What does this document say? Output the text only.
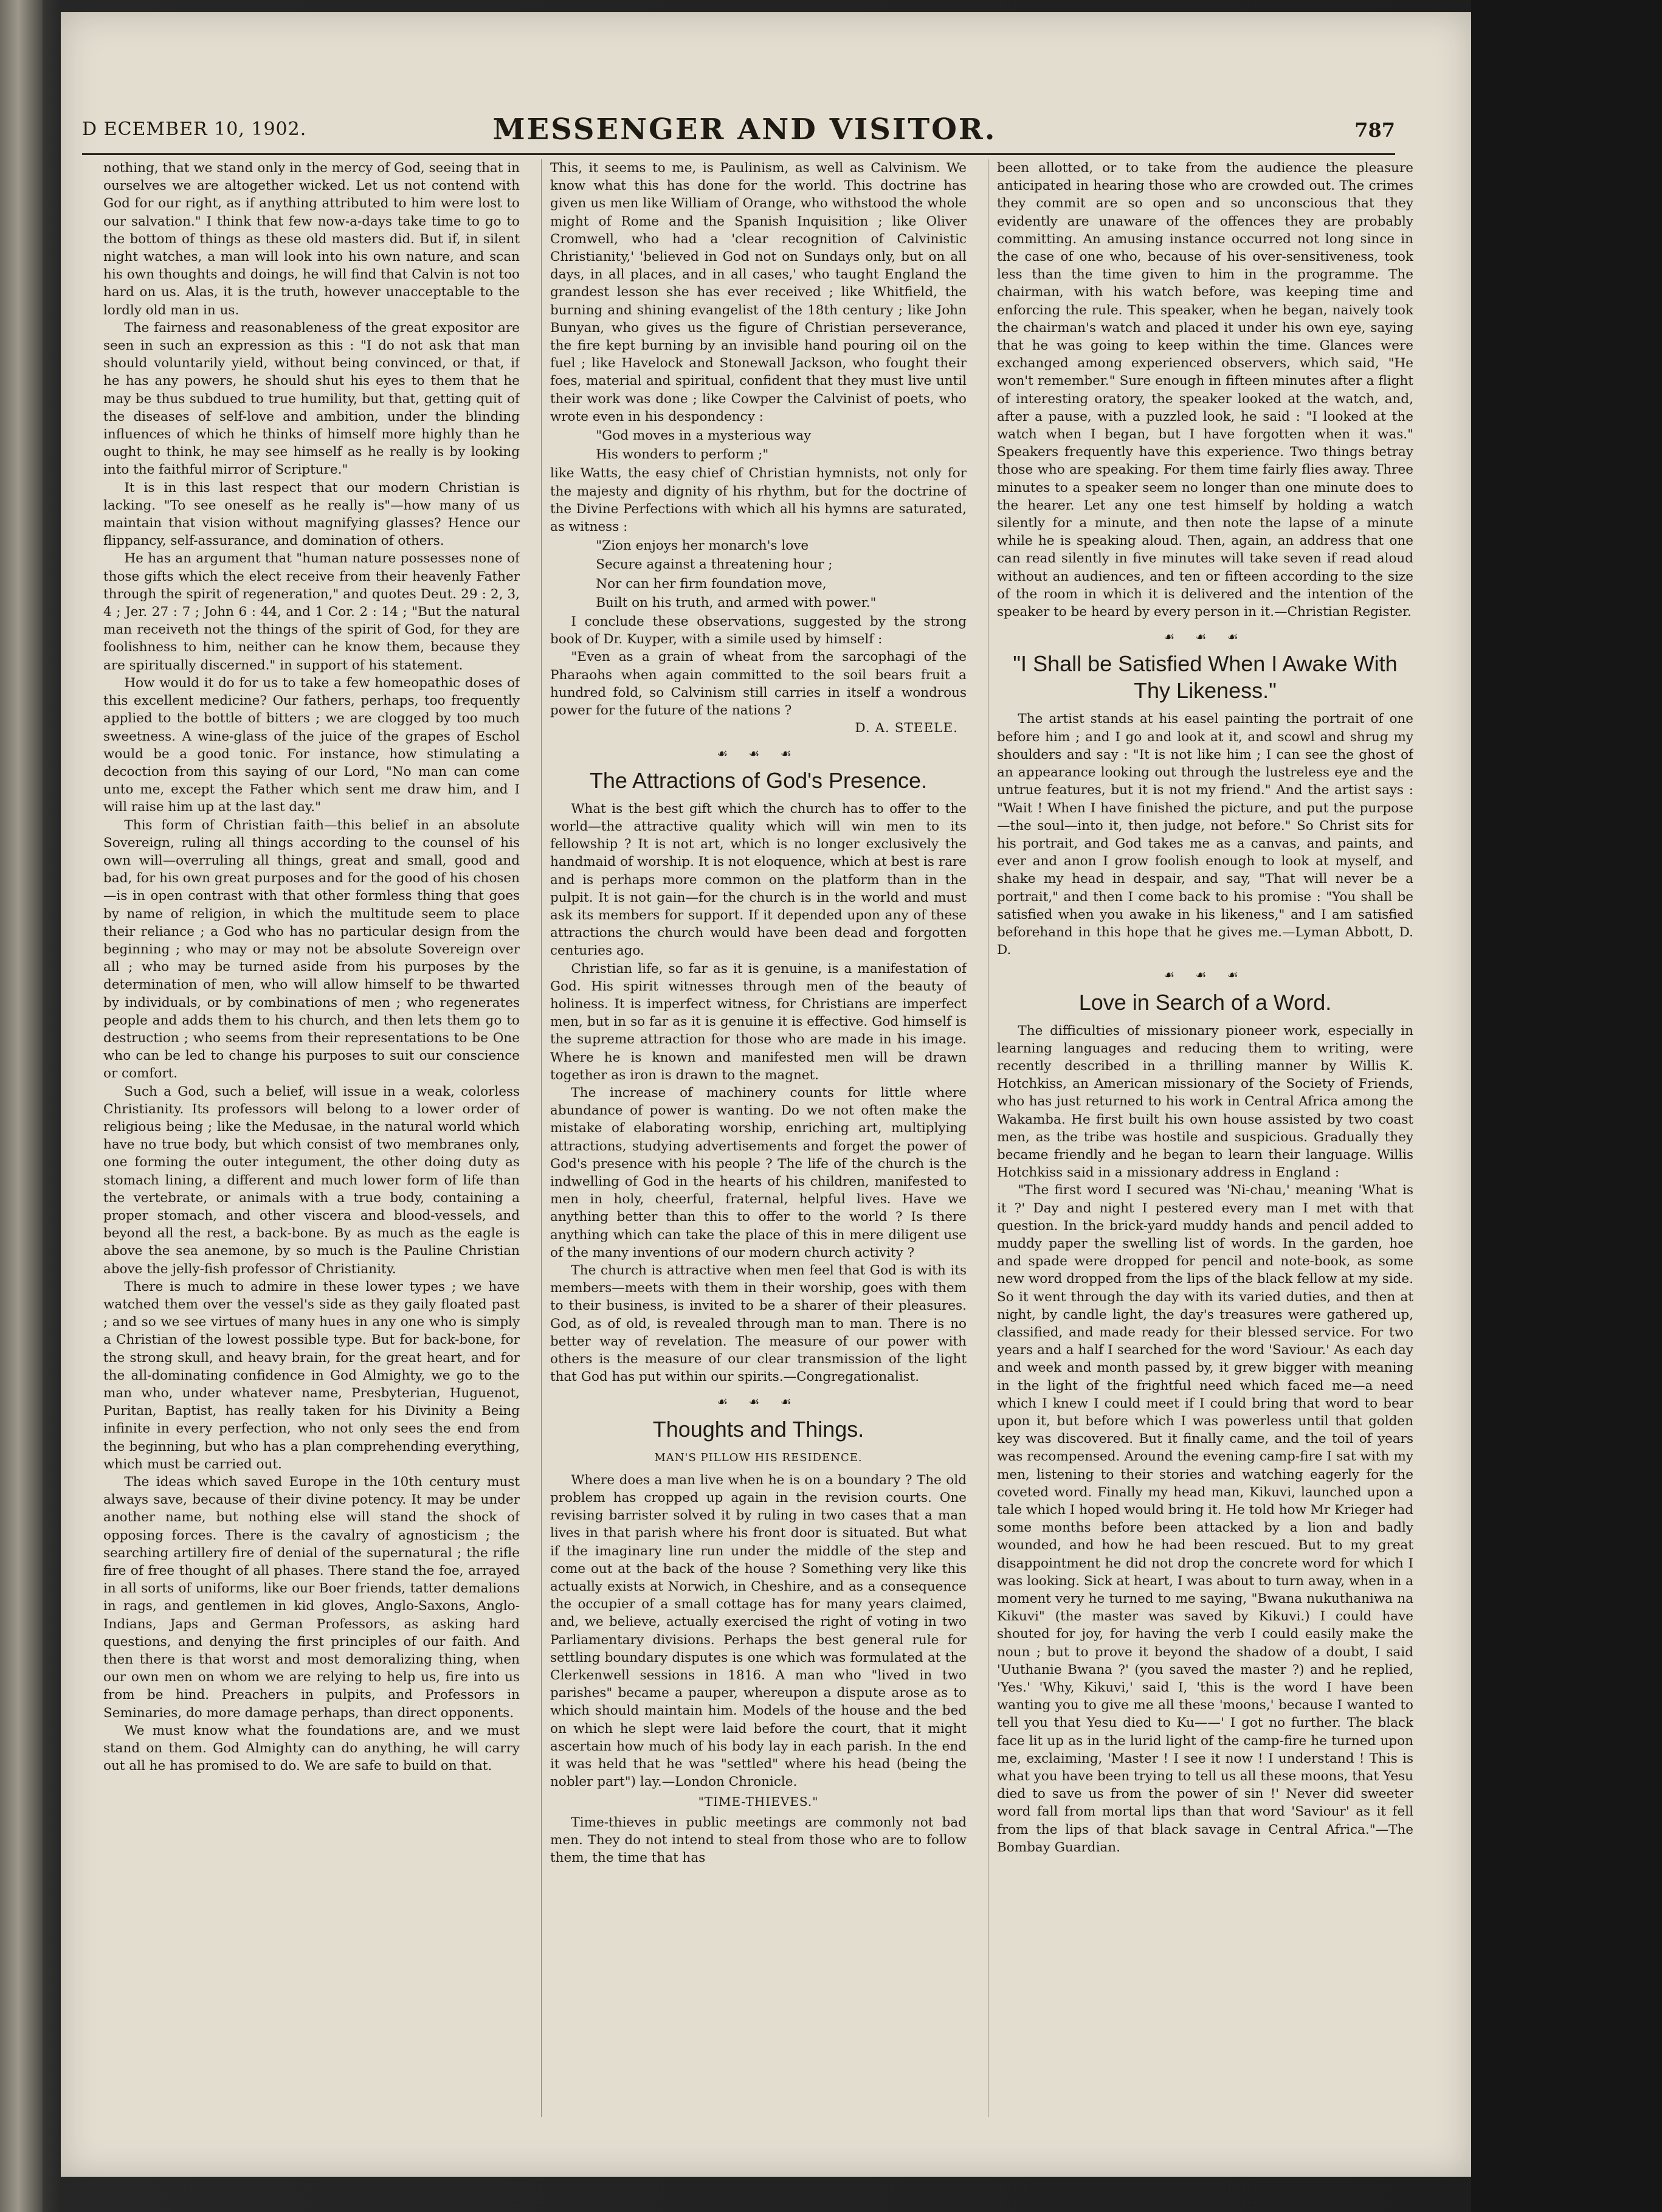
D ECEMBER 10, 1902.	MESSENGER AND VISITOR.	787

nothing, that we stand only in the mercy of God, seeing that in ourselves we are altogether wicked. Let us not contend with God for our right, as if anything attributed to him were lost to our salvation." I think that few now-a-days take time to go to the bottom of things as these old masters did. But if, in silent night watches, a man will look into his own nature, and scan his own thoughts and doings, he will find that Calvin is not too hard on us. Alas, it is the truth, however unacceptable to the lordly old man in us.

The fairness and reasonableness of the great expositor are seen in such an expression as this : "I do not ask that man should voluntarily yield, without being convinced, or that, if he has any powers, he should shut his eyes to them that he may be thus subdued to true humility, but that, getting quit of the diseases of self-love and ambition, under the blinding influences of which he thinks of himself more highly than he ought to think, he may see himself as he really is by looking into the faithful mirror of Scripture."

It is in this last respect that our modern Christian is lacking. "To see oneself as he really is"—how many of us maintain that vision without magnifying glasses? Hence our flippancy, self-assurance, and domination of others.

He has an argument that "human nature possesses none of those gifts which the elect receive from their heavenly Father through the spirit of regeneration," and quotes Deut. 29 : 2, 3, 4 ; Jer. 27 : 7 ; John 6 : 44, and 1 Cor. 2 : 14 ; "But the natural man receiveth not the things of the spirit of God, for they are foolishness to him, neither can he know them, because they are spiritually discerned." in support of his statement.

How would it do for us to take a few homeopathic doses of this excellent medicine? Our fathers, perhaps, too frequently applied to the bottle of bitters ; we are clogged by too much sweetness. A wine-glass of the juice of the grapes of Eschol would be a good tonic. For instance, how stimulating a decoction from this saying of our Lord, "No man can come unto me, except the Father which sent me draw him, and I will raise him up at the last day."

This form of Christian faith—this belief in an absolute Sovereign, ruling all things according to the counsel of his own will—overruling all things, great and small, good and bad, for his own great purposes and for the good of his chosen—is in open contrast with that other formless thing that goes by name of religion, in which the multitude seem to place their reliance ; a God who has no particular design from the beginning ; who may or may not be absolute Sovereign over all ; who may be turned aside from his purposes by the determination of men, who will allow himself to be thwarted by individuals, or by combinations of men ; who regenerates people and adds them to his church, and then lets them go to destruction ; who seems from their representations to be One who can be led to change his purposes to suit our conscience or comfort.

Such a God, such a belief, will issue in a weak, colorless Christianity. Its professors will belong to a lower order of religious being ; like the Medusae, in the natural world which have no true body, but which consist of two membranes only, one forming the outer integument, the other doing duty as stomach lining, a different and much lower form of life than the vertebrate, or animals with a true body, containing a proper stomach, and other viscera and blood-vessels, and beyond all the rest, a back-bone. By as much as the eagle is above the sea anemone, by so much is the Pauline Christian above the jelly-fish professor of Christianity.

There is much to admire in these lower types ; we have watched them over the vessel's side as they gaily floated past ; and so we see virtues of many hues in any one who is simply a Christian of the lowest possible type. But for back-bone, for the strong skull, and heavy brain, for the great heart, and for the all-dominating confidence in God Almighty, we go to the man who, under whatever name, Presbyterian, Huguenot, Puritan, Baptist, has really taken for his Divinity a Being infinite in every perfection, who not only sees the end from the beginning, but who has a plan comprehending everything, which must be carried out.

The ideas which saved Europe in the 10th century must always save, because of their divine potency. It may be under another name, but nothing else will stand the shock of opposing forces. There is the cavalry of agnosticism ; the searching artillery fire of denial of the supernatural ; the rifle fire of free thought of all phases. There stand the foe, arrayed in all sorts of uniforms, like our Boer friends, tatter demalions in rags, and gentlemen in kid gloves, Anglo-Saxons, Anglo-Indians, Japs and German Professors, as asking hard questions, and denying the first principles of our faith. And then there is that worst and most demoralizing thing, when our own men on whom we are relying to help us, fire into us from be hind. Preachers in pulpits, and Professors in Seminaries, do more damage perhaps, than direct opponents.

We must know what the foundations are, and we must stand on them. God Almighty can do anything, he will carry out all he has promised to do. We are safe to build on that.

This, it seems to me, is Paulinism, as well as Calvinism. We know what this has done for the world. This doctrine has given us men like William of Orange, who withstood the whole might of Rome and the Spanish Inquisition ; like Oliver Cromwell, who had a 'clear recognition of Calvinistic Christianity,' 'believed in God not on Sundays only, but on all days, in all places, and in all cases,' who taught England the grandest lesson she has ever received ; like Whitfield, the burning and shining evangelist of the 18th century ; like John Bunyan, who gives us the figure of Christian perseverance, the fire kept burning by an invisible hand pouring oil on the fuel ; like Havelock and Stonewall Jackson, who fought their foes, material and spiritual, confident that they must live until their work was done ; like Cowper the Calvinist of poets, who wrote even in his despondency :

"God moves in a mysterious way

His wonders to perform ;"

like Watts, the easy chief of Christian hymnists, not only for the majesty and dignity of his rhythm, but for the doctrine of the Divine Perfections with which all his hymns are saturated, as witness :

"Zion enjoys her monarch's love

Secure against a threatening hour ;

Nor can her firm foundation move,

Built on his truth, and armed with power."

I conclude these observations, suggested by the strong book of Dr. Kuyper, with a simile used by himself :

"Even as a grain of wheat from the sarcophagi of the Pharaohs when again committed to the soil bears fruit a hundred fold, so Calvinism still carries in itself a wondrous power for the future of the nations ?

D. A. STEELE.
☙ ☙ ☙
The Attractions of God's Presence.

What is the best gift which the church has to offer to the world—the attractive quality which will win men to its fellowship ? It is not art, which is no longer exclusively the handmaid of worship. It is not eloquence, which at best is rare and is perhaps more common on the platform than in the pulpit. It is not gain—for the church is in the world and must ask its members for support. If it depended upon any of these attractions the church would have been dead and forgotten centuries ago.

Christian life, so far as it is genuine, is a manifestation of God. His spirit witnesses through men of the beauty of holiness. It is imperfect witness, for Christians are imperfect men, but in so far as it is genuine it is effective. God himself is the supreme attraction for those who are made in his image. Where he is known and manifested men will be drawn together as iron is drawn to the magnet.

The increase of machinery counts for little where abundance of power is wanting. Do we not often make the mistake of elaborating worship, enriching art, multiplying attractions, studying advertisements and forget the power of God's presence with his people ? The life of the church is the indwelling of God in the hearts of his children, manifested to men in holy, cheerful, fraternal, helpful lives. Have we anything better than this to offer to the world ? Is there anything which can take the place of this in mere diligent use of the many inventions of our modern church activity ?

The church is attractive when men feel that God is with its members—meets with them in their worship, goes with them to their business, is invited to be a sharer of their pleasures. God, as of old, is revealed through man to man. There is no better way of revelation. The measure of our power with others is the measure of our clear transmission of the light that God has put within our spirits.—Congregationalist.

☙ ☙ ☙
Thoughts and Things.
MAN'S PILLOW HIS RESIDENCE.

Where does a man live when he is on a boundary ? The old problem has cropped up again in the revision courts. One revising barrister solved it by ruling in two cases that a man lives in that parish where his front door is situated. But what if the imaginary line run under the middle of the step and come out at the back of the house ? Something very like this actually exists at Norwich, in Cheshire, and as a consequence the occupier of a small cottage has for many years claimed, and, we believe, actually exercised the right of voting in two Parliamentary divisions. Perhaps the best general rule for settling boundary disputes is one which was formulated at the Clerkenwell sessions in 1816. A man who "lived in two parishes" became a pauper, whereupon a dispute arose as to which should maintain him. Models of the house and the bed on which he slept were laid before the court, that it might ascertain how much of his body lay in each parish. In the end it was held that he was "settled" where his head (being the nobler part") lay.—London Chronicle.

"TIME-THIEVES."

Time-thieves in public meetings are commonly not bad men. They do not intend to steal from those who are to follow them, the time that has

been allotted, or to take from the audience the pleasure anticipated in hearing those who are crowded out. The crimes they commit are so open and so unconscious that they evidently are unaware of the offences they are probably committing. An amusing instance occurred not long since in the case of one who, because of his over-sensitiveness, took less than the time given to him in the programme. The chairman, with his watch before, was keeping time and enforcing the rule. This speaker, when he began, naively took the chairman's watch and placed it under his own eye, saying that he was going to keep within the time. Glances were exchanged among experienced observers, which said, "He won't remember." Sure enough in fifteen minutes after a flight of interesting oratory, the speaker looked at the watch, and, after a pause, with a puzzled look, he said : "I looked at the watch when I began, but I have forgotten when it was." Speakers frequently have this experience. Two things betray those who are speaking. For them time fairly flies away. Three minutes to a speaker seem no longer than one minute does to the hearer. Let any one test himself by holding a watch silently for a minute, and then note the lapse of a minute while he is speaking aloud. Then, again, an address that one can read silently in five minutes will take seven if read aloud without an audiences, and ten or fifteen according to the size of the room in which it is delivered and the intention of the speaker to be heard by every person in it.—Christian Register.

☙ ☙ ☙
"I Shall be Satisfied When I Awake With Thy Likeness."

The artist stands at his easel painting the portrait of one before him ; and I go and look at it, and scowl and shrug my shoulders and say : "It is not like him ; I can see the ghost of an appearance looking out through the lustreless eye and the untrue features, but it is not my friend." And the artist says : "Wait ! When I have finished the picture, and put the purpose—the soul—into it, then judge, not before." So Christ sits for his portrait, and God takes me as a canvas, and paints, and ever and anon I grow foolish enough to look at myself, and shake my head in despair, and say, "That will never be a portrait," and then I come back to his promise : "You shall be satisfied when you awake in his likeness," and I am satisfied beforehand in this hope that he gives me.—Lyman Abbott, D. D.

☙ ☙ ☙
Love in Search of a Word.

The difficulties of missionary pioneer work, especially in learning languages and reducing them to writing, were recently described in a thrilling manner by Willis K. Hotchkiss, an American missionary of the Society of Friends, who has just returned to his work in Central Africa among the Wakamba. He first built his own house assisted by two coast men, as the tribe was hostile and suspicious. Gradually they became friendly and he began to learn their language. Willis Hotchkiss said in a missionary address in England :

"The first word I secured was 'Ni-chau,' meaning 'What is it ?' Day and night I pestered every man I met with that question. In the brick-yard muddy hands and pencil added to muddy paper the swelling list of words. In the garden, hoe and spade were dropped for pencil and note-book, as some new word dropped from the lips of the black fellow at my side. So it went through the day with its varied duties, and then at night, by candle light, the day's treasures were gathered up, classified, and made ready for their blessed service. For two years and a half I searched for the word 'Saviour.' As each day and week and month passed by, it grew bigger with meaning in the light of the frightful need which faced me—a need which I knew I could meet if I could bring that word to bear upon it, but before which I was powerless until that golden key was discovered. But it finally came, and the toil of years was recompensed. Around the evening camp-fire I sat with my men, listening to their stories and watching eagerly for the coveted word. Finally my head man, Kikuvi, launched upon a tale which I hoped would bring it. He told how Mr Krieger had some months before been attacked by a lion and badly wounded, and how he had been rescued. But to my great disappointment he did not drop the concrete word for which I was looking. Sick at heart, I was about to turn away, when in a moment very he turned to me saying, "Bwana nukuthaniwa na Kikuvi" (the master was saved by Kikuvi.) I could have shouted for joy, for having the verb I could easily make the noun ; but to prove it beyond the shadow of a doubt, I said 'Uuthanie Bwana ?' (you saved the master ?) and he replied, 'Yes.' 'Why, Kikuvi,' said I, 'this is the word I have been wanting you to give me all these 'moons,' because I wanted to tell you that Yesu died to Ku——' I got no further. The black face lit up as in the lurid light of the camp-fire he turned upon me, exclaiming, 'Master ! I see it now ! I understand ! This is what you have been trying to tell us all these moons, that Yesu died to save us from the power of sin !' Never did sweeter word fall from mortal lips than that word 'Saviour' as it fell from the lips of that black savage in Central Africa."—The Bombay Guardian.
